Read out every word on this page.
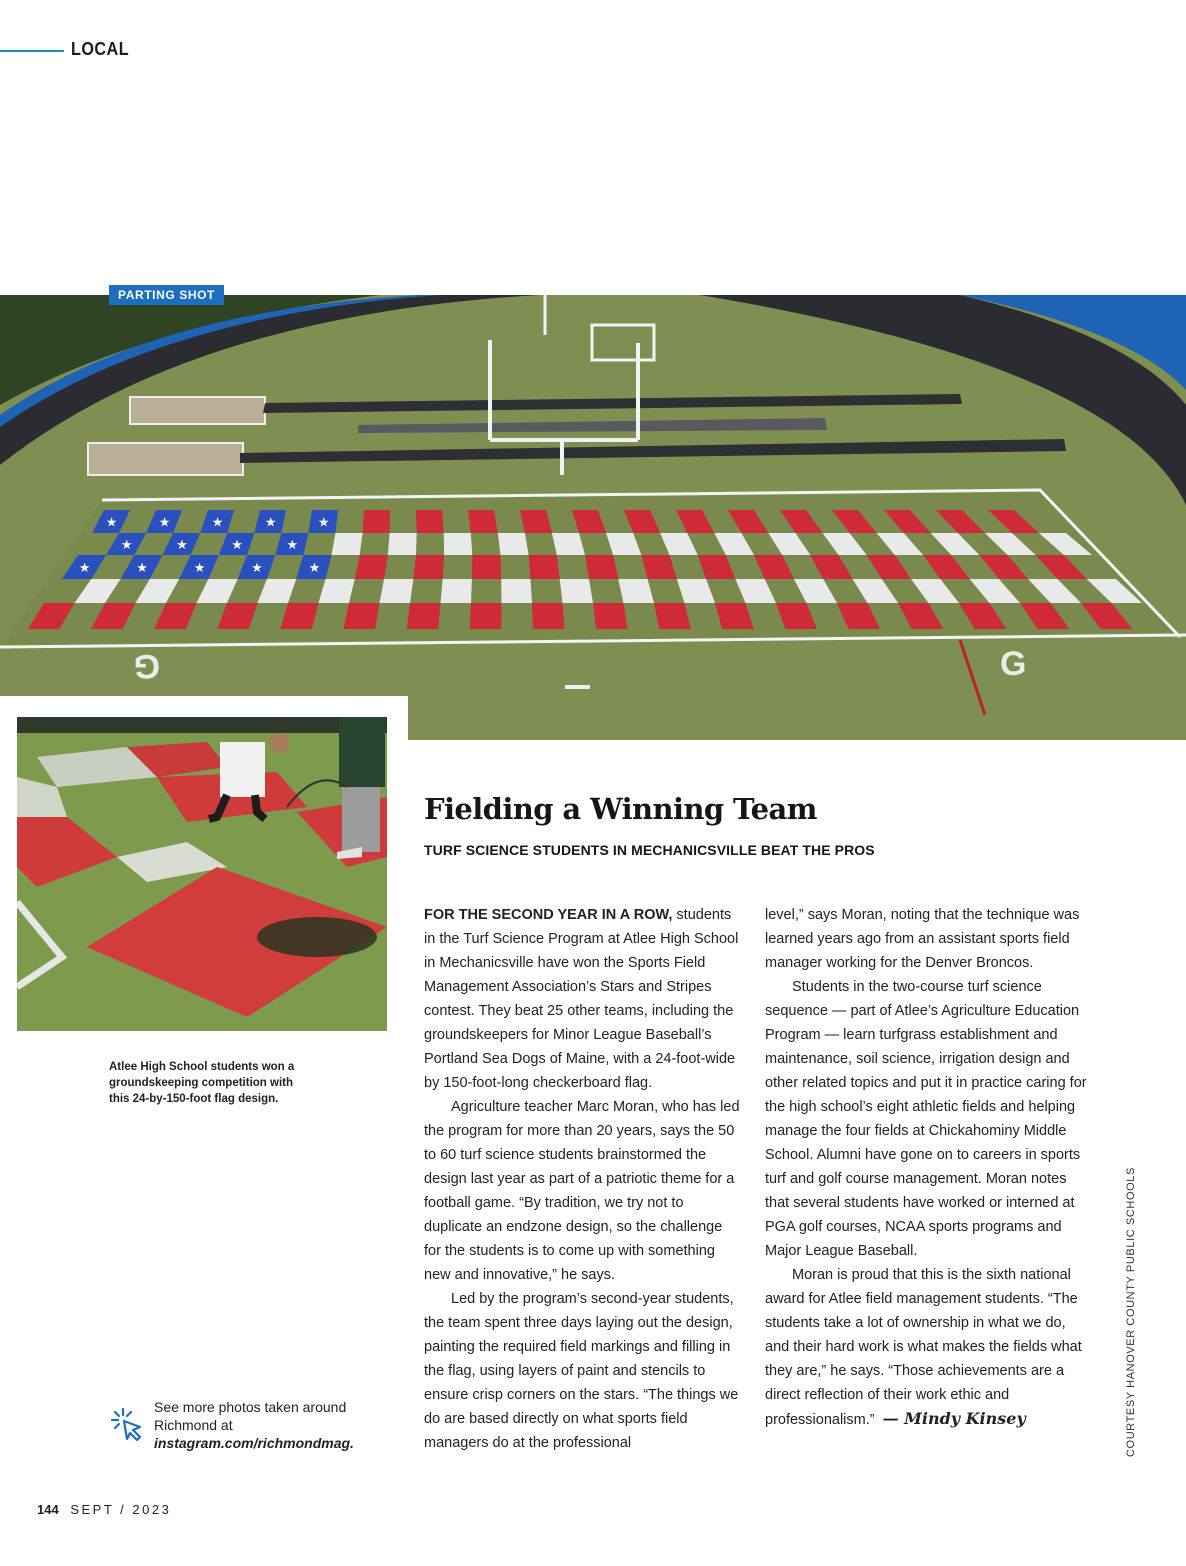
LOCAL
PARTING SHOT
★	★	★	★	★
★	★	★	★
★	★	★	★	★
G	G
Atlee High School students won a groundskeeping competition with this 24-by-150-foot flag design.
Fielding a Winning Team
TURF SCIENCE STUDENTS IN MECHANICSVILLE BEAT THE PROS

FOR THE SECOND YEAR IN A ROW, students in the Turf Science Program at Atlee High School in Mechanicsville have won the Sports Field Management Association’s Stars and Stripes contest. They beat 25 other teams, including the groundskeepers for Minor League Baseball’s Portland Sea Dogs of Maine, with a 24-foot-wide by 150-foot-long checkerboard flag.

Agriculture teacher Marc Moran, who has led the program for more than 20 years, says the 50 to 60 turf science students brainstormed the design last year as part of a patriotic theme for a football game. “By tradition, we try not to duplicate an endzone design, so the challenge for the students is to come up with something new and innovative,” he says.

Led by the program’s second-year students, the team spent three days laying out the design, painting the required field markings and filling in the flag, using layers of paint and stencils to ensure crisp corners on the stars. “The things we do are based directly on what sports field managers do at the professional

level,” says Moran, noting that the technique was learned years ago from an assistant sports field manager working for the Denver Broncos.

Students in the two-course turf science sequence — part of Atlee’s Agriculture Education Program — learn turfgrass establishment and maintenance, soil science, irrigation design and other related topics and put it in practice caring for the high school’s eight athletic fields and helping manage the four fields at Chickahominy Middle School. Alumni have gone on to careers in sports turf and golf course management. Moran notes that several students have worked or interned at PGA golf courses, NCAA sports programs and Major League Baseball.

Moran is proud that this is the sixth national award for Atlee field management students. “The students take a lot of ownership in what we do, and their hard work is what makes the fields what they are,” he says. “Those achievements are a direct reflection of their work ethic and professionalism.” — Mindy Kinsey	COURTESY HANOVER COUNTY PUBLIC SCHOOLS
See more photos taken around Richmond at
instagram.com/richmondmag.
144 SEPT / 2023
